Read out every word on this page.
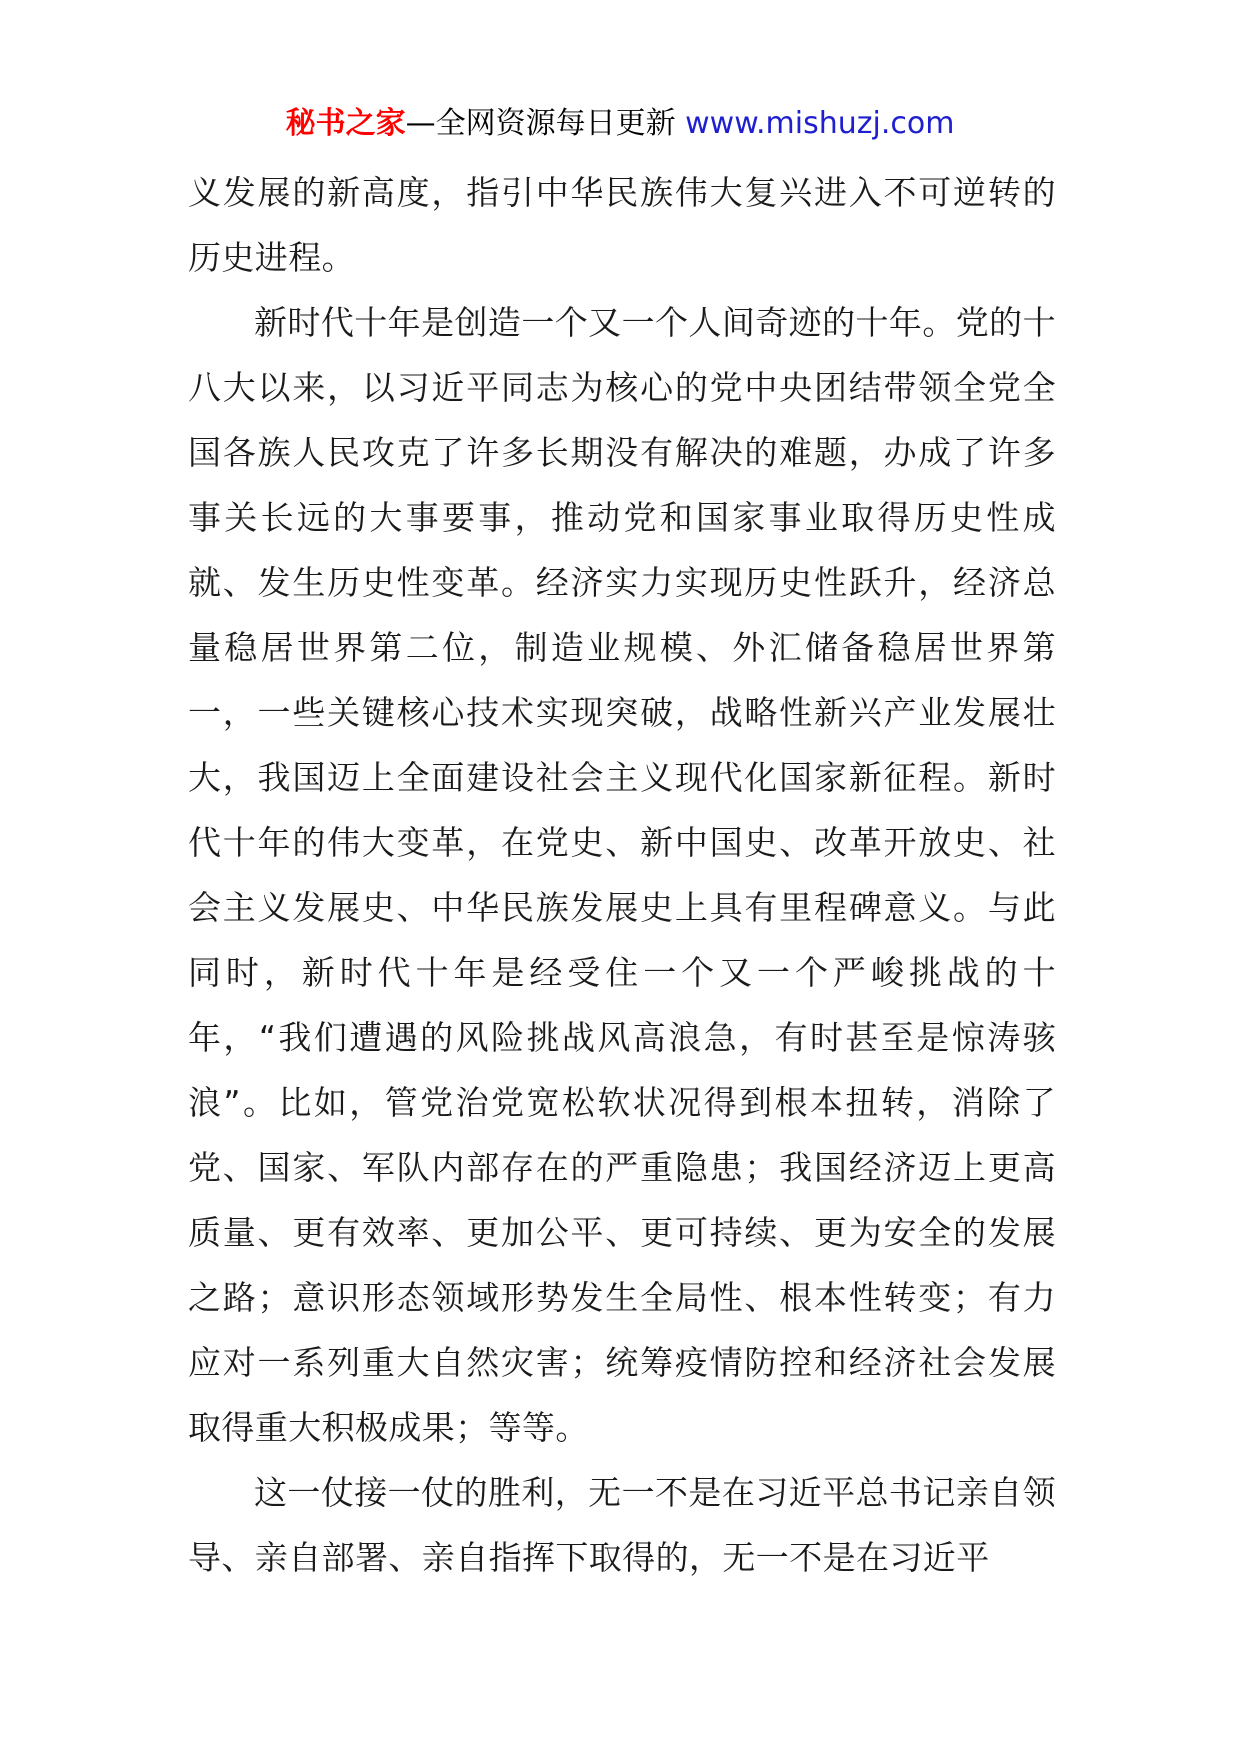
秘书之家—全网资源每日更新 www.mishuzj.com

义发展的新高度，指引中华民族伟大复兴进入不可逆转的历史进程。

新时代十年是创造一个又一个人间奇迹的十年。党的十八大以来，以习近平同志为核心的党中央团结带领全党全国各族人民攻克了许多长期没有解决的难题，办成了许多事关长远的大事要事，推动党和国家事业取得历史性成就、发生历史性变革。经济实力实现历史性跃升，经济总量稳居世界第二位，制造业规模、外汇储备稳居世界第一，一些关键核心技术实现突破，战略性新兴产业发展壮大，我国迈上全面建设社会主义现代化国家新征程。新时代十年的伟大变革，在党史、新中国史、改革开放史、社会主义发展史、中华民族发展史上具有里程碑意义。与此同时，新时代十年是经受住一个又一个严峻挑战的十年，“我们遭遇的风险挑战风高浪急，有时甚至是惊涛骇浪”。比如，管党治党宽松软状况得到根本扭转，消除了党、国家、军队内部存在的严重隐患；我国经济迈上更高质量、更有效率、更加公平、更可持续、更为安全的发展之路；意识形态领域形势发生全局性、根本性转变；有力应对一系列重大自然灾害；统筹疫情防控和经济社会发展取得重大积极成果；等等。

这一仗接一仗的胜利，无一不是在习近平总书记亲自领导、亲自部署、亲自指挥下取得的，无一不是在习近平
